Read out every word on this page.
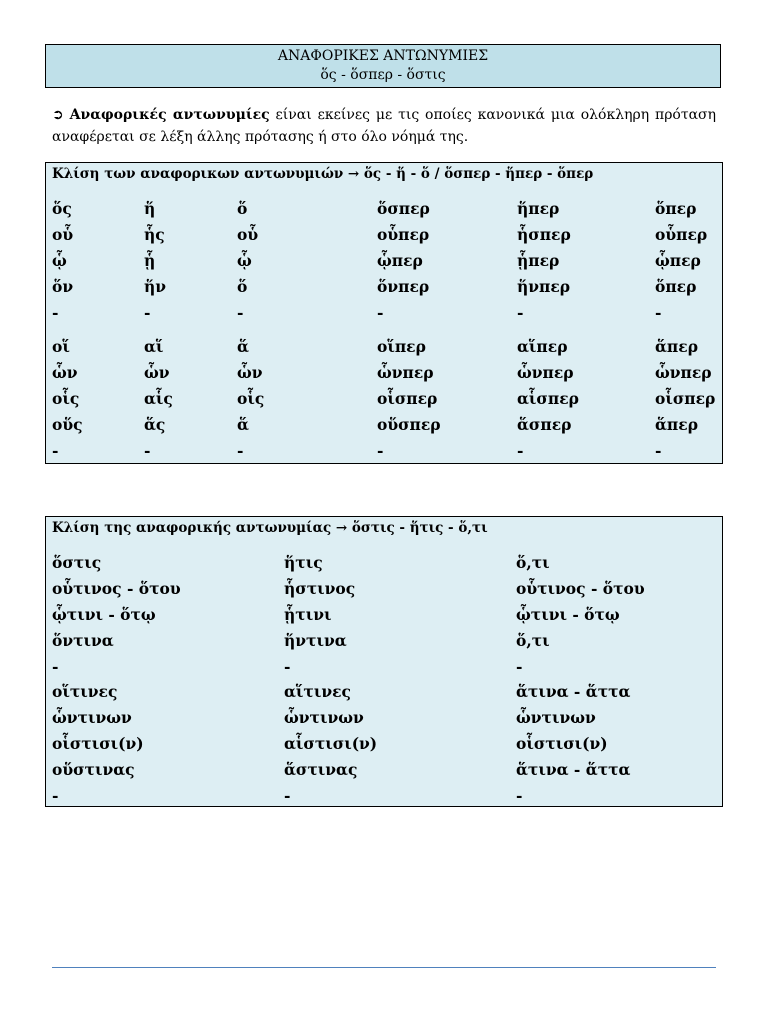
ΑΝΑΦΟΡΙΚΕΣ ΑΝΤΩΝΥΜΙΕΣ
ὅς - ὅσπερ - ὅστις
➲ Αναφορικές αντωνυμίες είναι εκείνες με τις οποίες κανονικά μια ολόκληρη πρόταση αναφέρεται σε λέξη άλλης πρότασης ή στο όλο νόημά της.
Κλίση των αναφορικων αντωνυμιών → ὅς - ἥ - ὅ / ὅσπερ - ἥπερ - ὅπερ
ὅς	ἥ	ὅ	ὅσπερ	ἥπερ	ὅπερ
οὗ	ἧς	οὗ	οὗπερ	ἧσπερ	οὗπερ
ᾧ	ᾗ	ᾧ	ᾧπερ	ᾗπερ	ᾧπερ
ὅν	ἥν	ὅ	ὅνπερ	ἥνπερ	ὅπερ
-	-	-	-	-	-
οἵ	αἵ	ἅ	οἵπερ	αἵπερ	ἅπερ
ὧν	ὧν	ὧν	ὧνπερ	ὧνπερ	ὧνπερ
οἷς	αἷς	οἷς	οἷσπερ	αἷσπερ	οἷσπερ
οὕς	ἅς	ἅ	οὕσπερ	ἅσπερ	ἅπερ
-	-	-	-	-	-
Κλίση της αναφορικής αντωνυμίας → ὅστις - ἥτις - ὅ,τι
ὅστις	ἥτις	ὅ,τι
οὗτινος - ὅτου	ἧστινος	οὗτινος - ὅτου
ᾧτινι - ὅτῳ	ᾗτινι	ᾧτινι - ὅτῳ
ὅντινα	ἥντινα	ὅ,τι
-	-	-
οἵτινες	αἵτινες	ἅτινα - ἅττα
ὧντινων	ὧντινων	ὧντινων
οἷστισι(ν)	αἷστισι(ν)	οἷστισι(ν)
οὕστινας	ἅστινας	ἅτινα - ἅττα
-	-	-
